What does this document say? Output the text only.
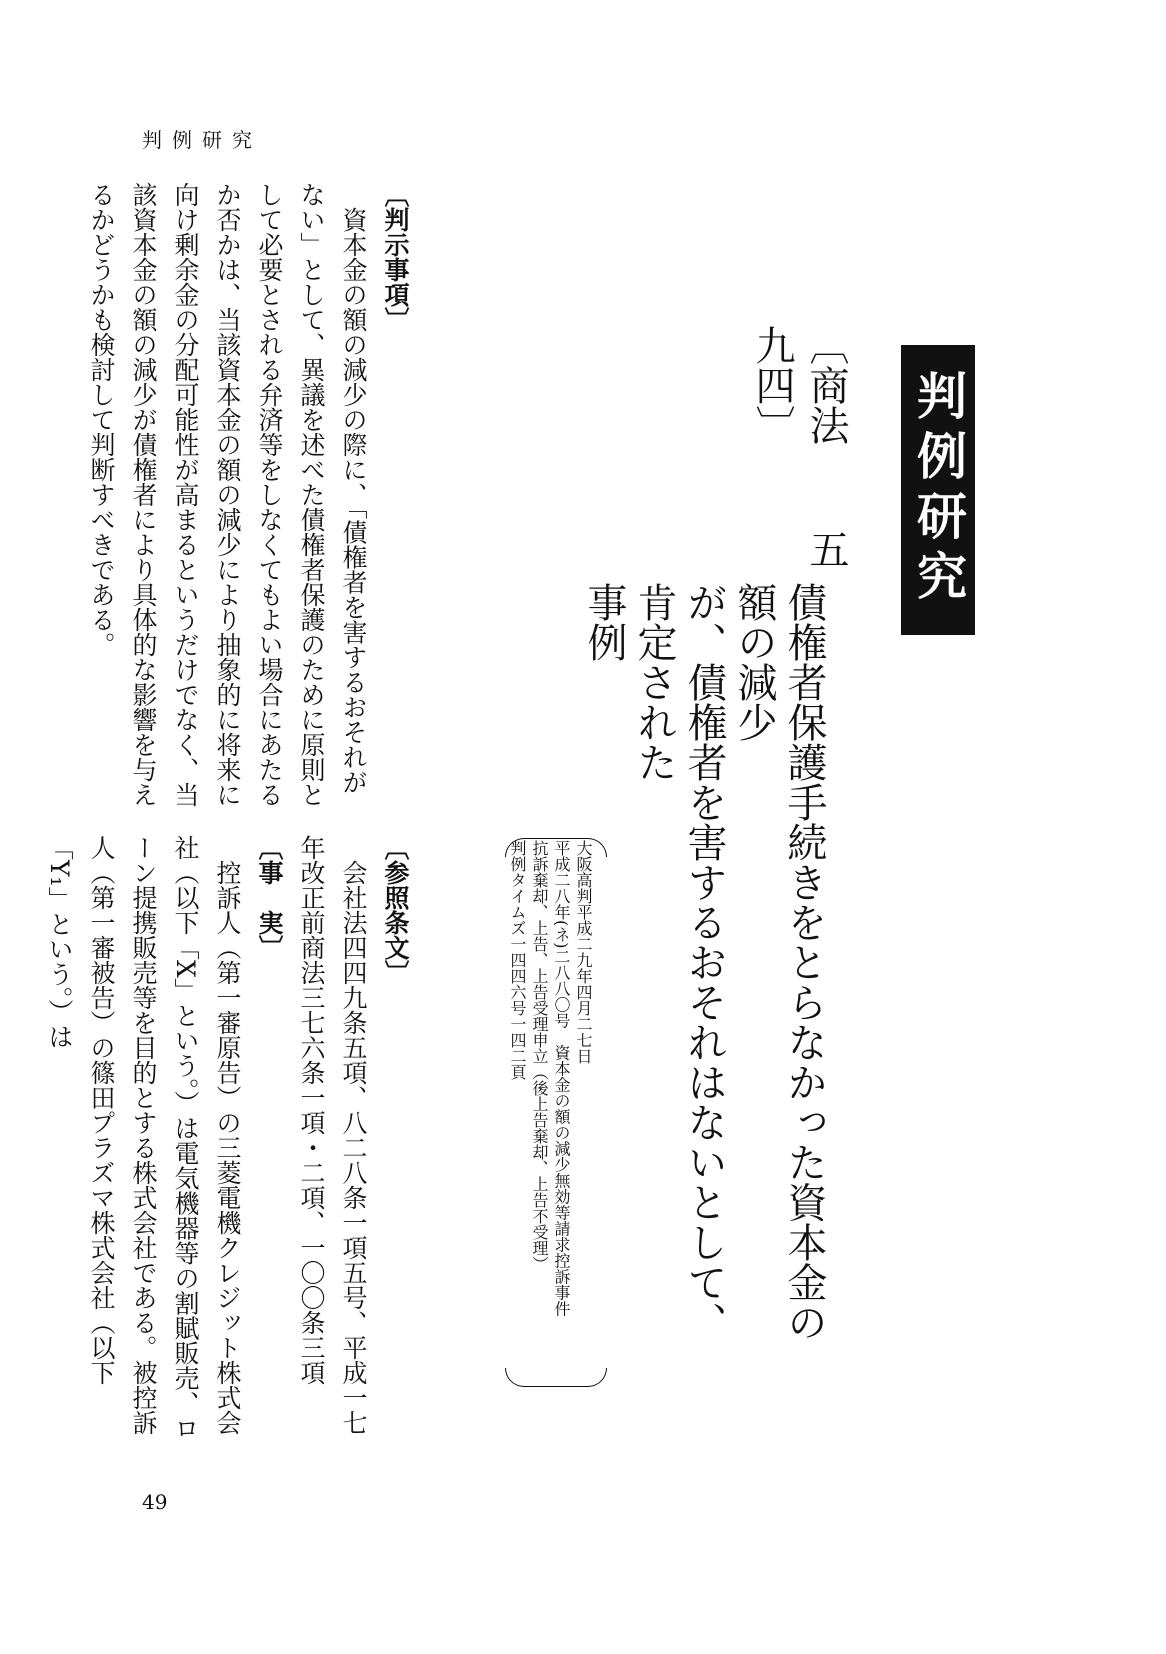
判例研究
判例研究
〔商法五九四〕
債権者保護手続きをとらなかった資本金の額の減少
が、債権者を害するおそれはないとして、肯定された
事例
大阪高判平成二九年四月二七日
平成二八年(ネ)二八八〇号　資本金の額の減少無効等請求控訴事件
抗訴棄却、上告、上告受理申立（後上告棄却、上告不受理）
判例タイムズ一四四六号一四二頁

〔判示事項〕

資本金の額の減少の際に、「債権者を害するおそれがない」として、異議を述べた債権者保護のために原則として必要とされる弁済等をしなくてもよい場合にあたるか否かは、当該資本金の額の減少により抽象的に将来に向け剰余金の分配可能性が高まるというだけでなく、当該資本金の額の減少が債権者により具体的な影響を与えるかどうかも検討して判断すべきである。

〔参照条文〕

会社法四四九条五項、八二八条一項五号、平成一七年改正前商法三七六条一項・二項、一〇〇条三項

〔事　実〕

控訴人（第一審原告）の三菱電機クレジット株式会社（以下「X」という。）は電気機器等の割賦販売、ローン提携販売等を目的とする株式会社である。被控訴人（第一審被告）の篠田プラズマ株式会社（以下「Y₁」という。）は

49
